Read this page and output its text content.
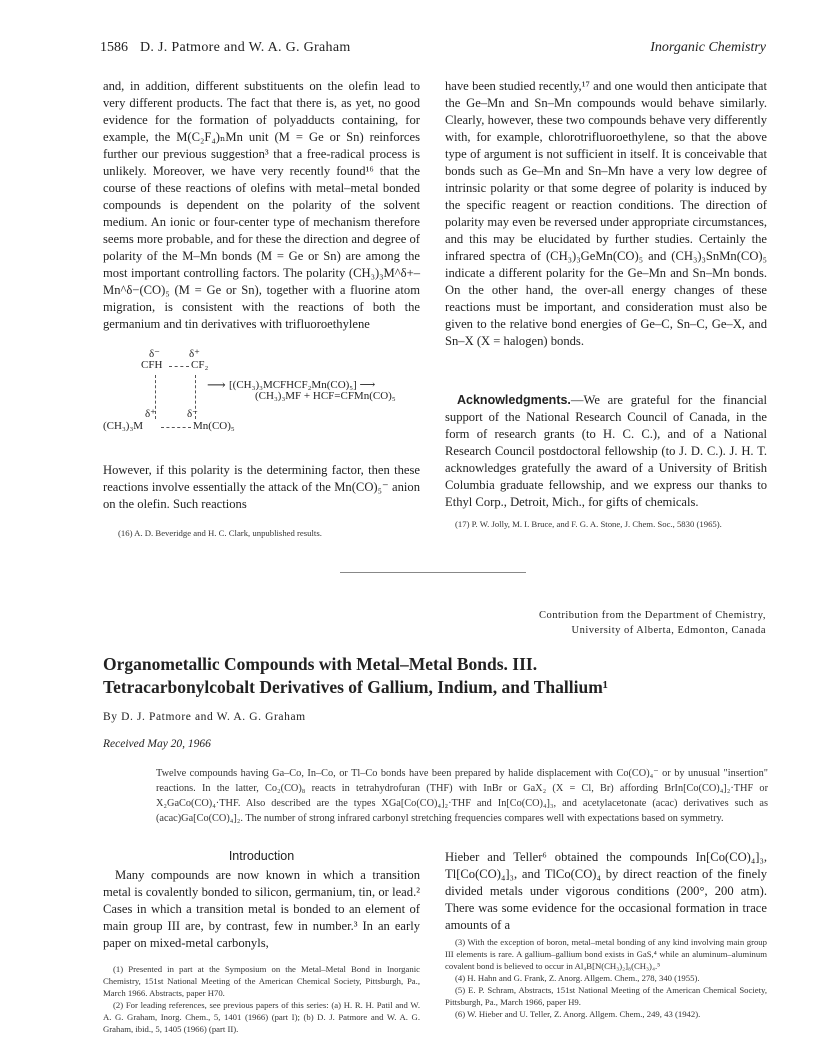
1586 D. J. Patmore and W. A. G. Graham	Inorganic Chemistry

and, in addition, different substituents on the olefin lead to very different products. The fact that there is, as yet, no good evidence for the formation of polyadducts containing, for example, the M(C₂F₄)ₙMn unit (M = Ge or Sn) reinforces further our previous suggestion³ that a free-radical process is unlikely. Moreover, we have very recently found¹⁶ that the course of these reactions of olefins with metal–metal bonded compounds is dependent on the polarity of the solvent medium. An ionic or four-center type of mechanism therefore seems more probable, and for these the direction and degree of polarity of the M–Mn bonds (M = Ge or Sn) are among the most important controlling factors. The polarity (CH₃)₃M^δ+–Mn^δ−(CO)₅ (M = Ge or Sn), together with a fluorine atom migration, is consistent with the reactions of both the germanium and tin derivatives with trifluoroethylene

δ⁻	δ⁺
CFH	CF₂
⟶ [(CH₃)₃MCFHCF₂Mn(CO)₅] ⟶
(CH₃)₃MF + HCF=CFMn(CO)₅
δ⁺	δ⁻
(CH₃)₃M	Mn(CO)₅

However, if this polarity is the determining factor, then these reactions involve essentially the attack of the Mn(CO)₅⁻ anion on the olefin. Such reactions

(16) A. D. Beveridge and H. C. Clark, unpublished results.

have been studied recently,¹⁷ and one would then anticipate that the Ge–Mn and Sn–Mn compounds would behave similarly. Clearly, however, these two compounds behave very differently with, for example, chlorotrifluoroethylene, so that the above type of argument is not sufficient in itself. It is conceivable that bonds such as Ge–Mn and Sn–Mn have a very low degree of intrinsic polarity or that some degree of polarity is induced by the specific reagent or reaction conditions. The direction of polarity may even be reversed under appropriate circumstances, and this may be elucidated by further studies. Certainly the infrared spectra of (CH₃)₃GeMn(CO)₅ and (CH₃)₃SnMn(CO)₅ indicate a different polarity for the Ge–Mn and Sn–Mn bonds. On the other hand, the over-all energy changes of these reactions must be important, and consideration must also be given to the relative bond energies of Ge–C, Sn–C, Ge–X, and Sn–X (X = halogen) bonds.

Acknowledgments.—We are grateful for the financial support of the National Research Council of Canada, in the form of research grants (to H. C. C.), and of a National Research Council postdoctoral fellowship (to J. D. C.). J. H. T. acknowledges gratefully the award of a University of British Columbia graduate fellowship, and we express our thanks to Ethyl Corp., Detroit, Mich., for gifts of chemicals.

(17) P. W. Jolly, M. I. Bruce, and F. G. A. Stone, J. Chem. Soc., 5830 (1965).
Contribution from the Department of Chemistry,
University of Alberta, Edmonton, Canada
Organometallic Compounds with Metal–Metal Bonds. III.
Tetracarbonylcobalt Derivatives of Gallium, Indium, and Thallium¹
By D. J. Patmore and W. A. G. Graham
Received May 20, 1966
Twelve compounds having Ga–Co, In–Co, or Tl–Co bonds have been prepared by halide displacement with Co(CO)₄⁻ or by unusual "insertion" reactions. In the latter, Co₂(CO)₈ reacts in tetrahydrofuran (THF) with InBr or GaX₂ (X = Cl, Br) affording BrIn[Co(CO)₄]₂·THF or X₂GaCo(CO)₄·THF. Also described are the types XGa[Co(CO)₄]₂·THF and In[Co(CO)₄]₃, and acetylacetonate (acac) derivatives such as (acac)Ga[Co(CO)₄]₂. The number of strong infrared carbonyl stretching frequencies compares well with expectations based on symmetry.
Introduction

Many compounds are now known in which a transition metal is covalently bonded to silicon, germanium, tin, or lead.² Cases in which a transition metal is bonded to an element of main group III are, by contrast, few in number.³ In an early paper on mixed-metal carbonyls,

(1) Presented in part at the Symposium on the Metal–Metal Bond in Inorganic Chemistry, 151st National Meeting of the American Chemical Society, Pittsburgh, Pa., March 1966. Abstracts, paper H70.
(2) For leading references, see previous papers of this series: (a) H. R. H. Patil and W. A. G. Graham, Inorg. Chem., 5, 1401 (1966) (part I); (b) D. J. Patmore and W. A. G. Graham, ibid., 5, 1405 (1966) (part II).

Hieber and Teller⁶ obtained the compounds In[Co(CO)₄]₃, Tl[Co(CO)₄]₃, and TlCo(CO)₄ by direct reaction of the finely divided metals under vigorous conditions (200°, 200 atm). There was some evidence for the occasional formation in trace amounts of a

(3) With the exception of boron, metal–metal bonding of any kind involving main group III elements is rare. A gallium–gallium bond exists in GaS,⁴ while an aluminum–aluminum covalent bond is believed to occur in Al₄B[N(CH₃)₂]₈(CH₃)₄.⁵
(4) H. Hahn and G. Frank, Z. Anorg. Allgem. Chem., 278, 340 (1955).
(5) E. P. Schram, Abstracts, 151st National Meeting of the American Chemical Society, Pittsburgh, Pa., March 1966, paper H9.
(6) W. Hieber and U. Teller, Z. Anorg. Allgem. Chem., 249, 43 (1942).
